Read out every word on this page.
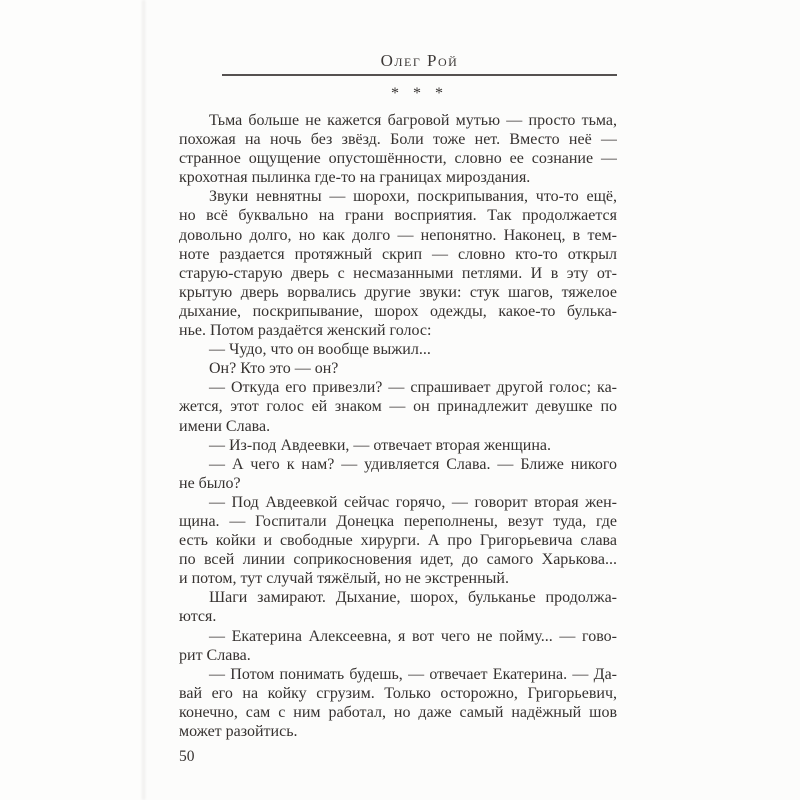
Олег Рой
* * *
Тьма больше не кажется багровой мутью — просто тьма,
похожая на ночь без звёзд. Боли тоже нет. Вместо неё —
странное ощущение опустошённости, словно ее сознание —
крохотная пылинка где-то на границах мироздания.
Звуки невнятны — шорохи, поскрипывания, что-то ещё,
но всё буквально на грани восприятия. Так продолжается
довольно долго, но как долго — непонятно. Наконец, в тем-
ноте раздается протяжный скрип — словно кто-то открыл
старую-старую дверь с несмазанными петлями. И в эту от-
крытую дверь ворвались другие звуки: стук шагов, тяжелое
дыхание, поскрипывание, шорох одежды, какое-то булька-
нье. Потом раздаётся женский голос:
— Чудо, что он вообще выжил...
Он? Кто это — он?
— Откуда его привезли? — спрашивает другой голос; ка-
жется, этот голос ей знаком — он принадлежит девушке по
имени Слава.
— Из-под Авдеевки, — отвечает вторая женщина.
— А чего к нам? — удивляется Слава. — Ближе никого
не было?
— Под Авдеевкой сейчас горячо, — говорит вторая жен-
щина. — Госпитали Донецка переполнены, везут туда, где
есть койки и свободные хирурги. А про Григорьевича слава
по всей линии соприкосновения идет, до самого Харькова...
и потом, тут случай тяжёлый, но не экстренный.
Шаги замирают. Дыхание, шорох, бульканье продолжа-
ются.
— Екатерина Алексеевна, я вот чего не пойму... — гово-
рит Слава.
— Потом понимать будешь, — отвечает Екатерина. — Да-
вай его на койку сгрузим. Только осторожно, Григорьевич,
конечно, сам с ним работал, но даже самый надёжный шов
может разойтись.
50
